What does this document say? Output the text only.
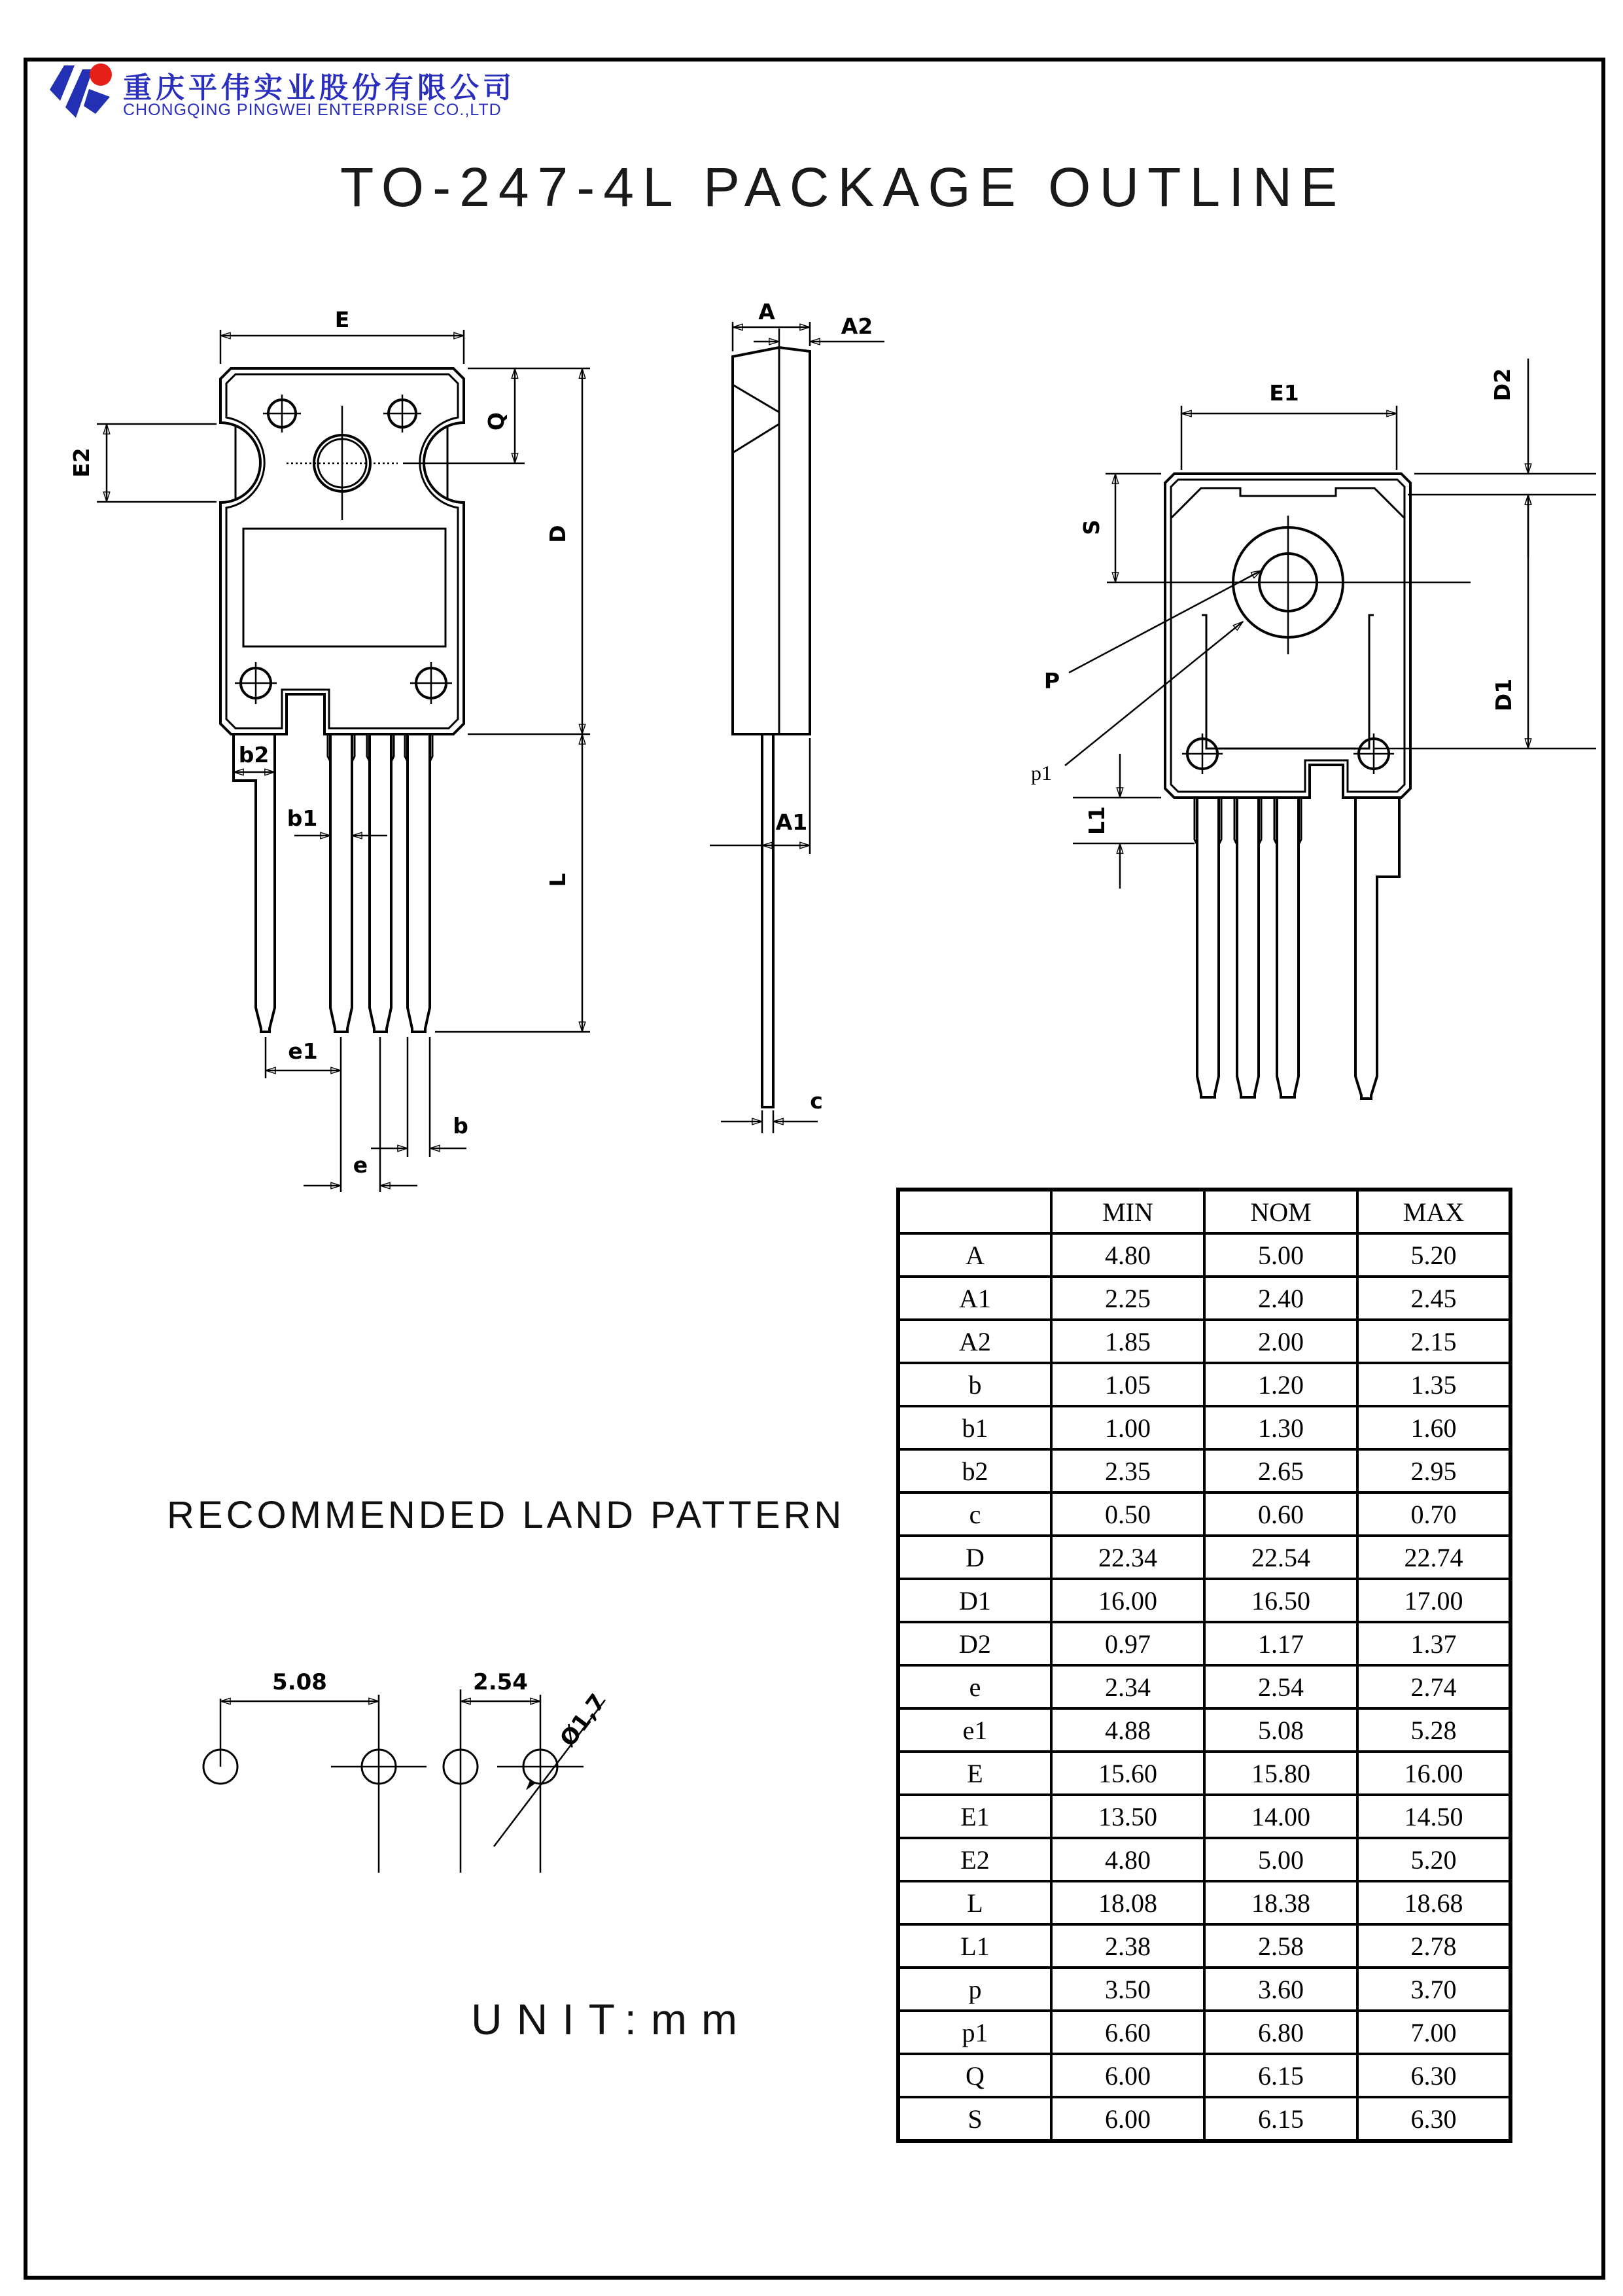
重庆平伟实业股份有限公司
CHONGQING PINGWEI ENTERPRISE CO.,LTD
TO-247-4L PACKAGE OUTLINE
RECOMMENDED LAND PATTERN
UNIT:mm
E
Q
D
L
E2
b2
b1
e1
e
b
A
A2
A1
c
E1	D2
D1
S
L1
P
p1
5.08	2.54
Ø1,7
	MIN	NOM	MAX
A	4.80	5.00	5.20
A1	2.25	2.40	2.45
A2	1.85	2.00	2.15
b	1.05	1.20	1.35
b1	1.00	1.30	1.60
b2	2.35	2.65	2.95
c	0.50	0.60	0.70
D	22.34	22.54	22.74
D1	16.00	16.50	17.00
D2	0.97	1.17	1.37
e	2.34	2.54	2.74
e1	4.88	5.08	5.28
E	15.60	15.80	16.00
E1	13.50	14.00	14.50
E2	4.80	5.00	5.20
L	18.08	18.38	18.68
L1	2.38	2.58	2.78
p	3.50	3.60	3.70
p1	6.60	6.80	7.00
Q	6.00	6.15	6.30
S	6.00	6.15	6.30
